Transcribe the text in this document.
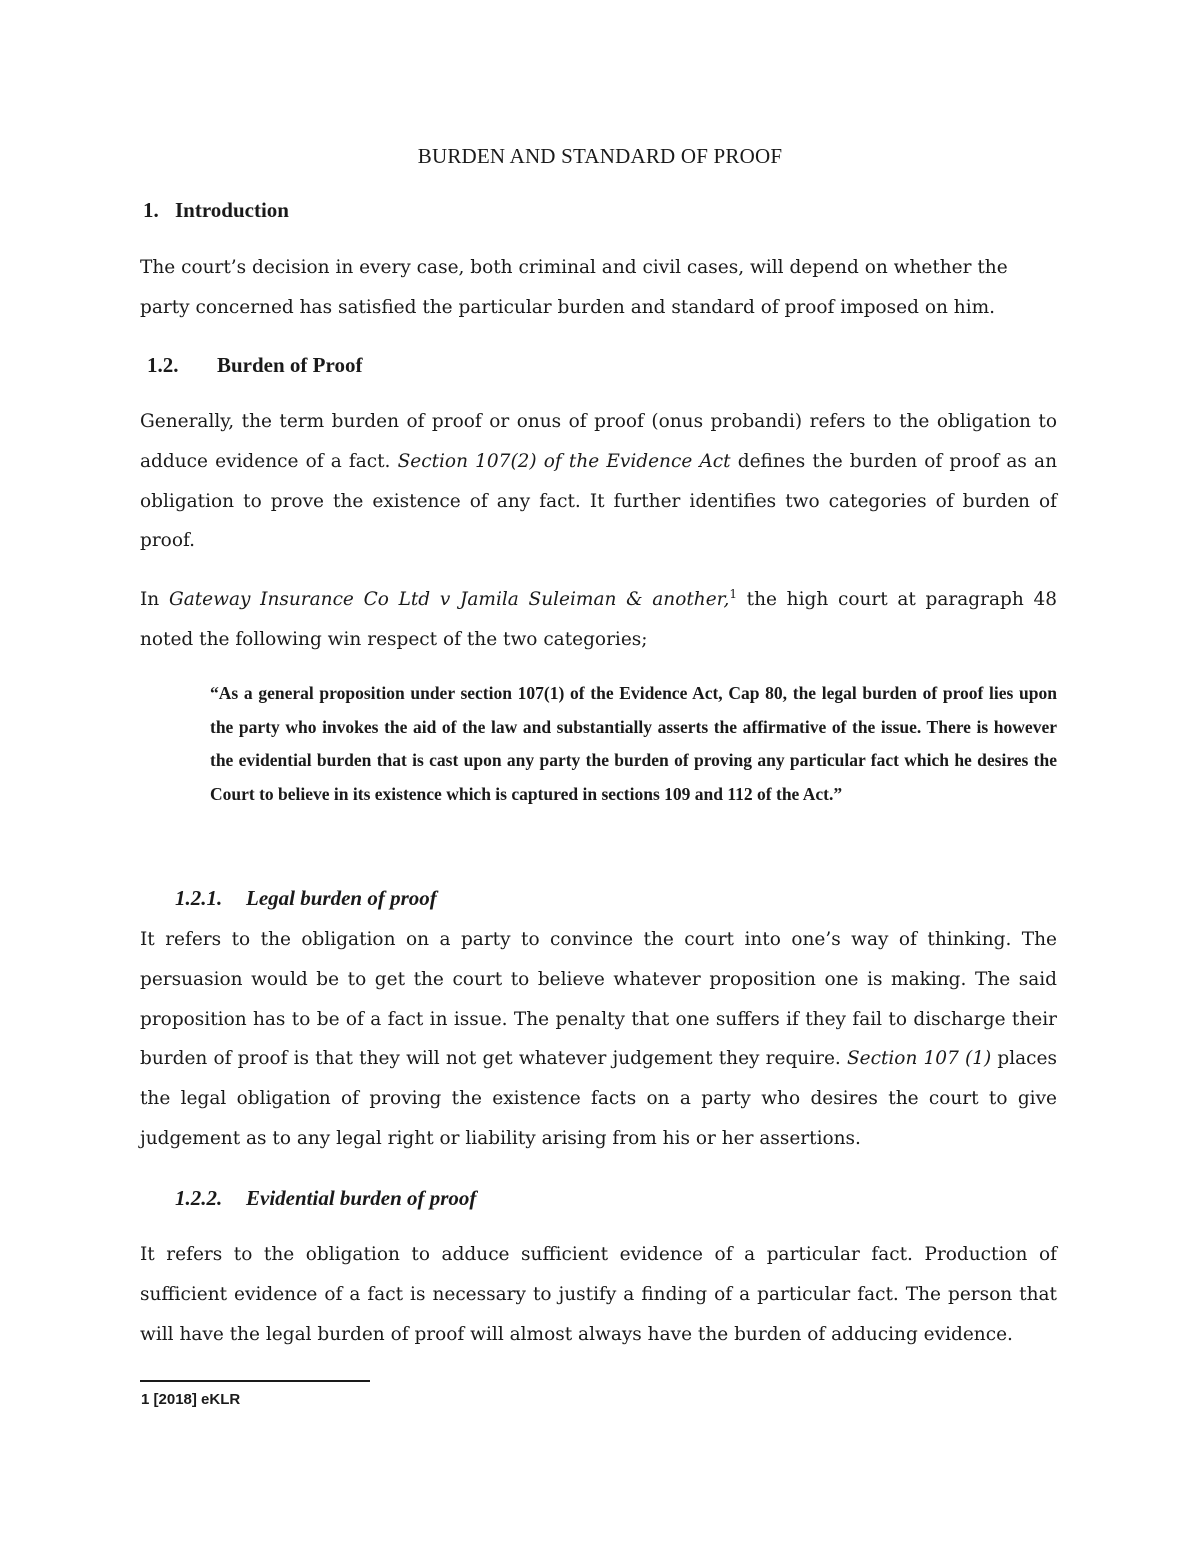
BURDEN AND STANDARD OF PROOF
1. Introduction

The court’s decision in every case, both criminal and civil cases, will depend on whether the
party concerned has satisfied the particular burden and standard of proof imposed on him.

1.2. Burden of Proof

Generally, the term burden of proof or onus of proof (onus probandi) refers to the obligation to adduce evidence of a fact. Section 107(2) of the Evidence Act defines the burden of proof as an obligation to prove the existence of any fact. It further identifies two categories of burden of proof.

In Gateway Insurance Co Ltd v Jamila Suleiman & another,$^1$ the high court at paragraph 48 noted the following win respect of the two categories;

“As a general proposition under section 107(1) of the Evidence Act, Cap 80, the legal burden of proof lies upon the party who invokes the aid of the law and substantially asserts the affirmative of the issue. There is however the evidential burden that is cast upon any party the burden of proving any particular fact which he desires the Court to believe in its existence which is captured in sections 109 and 112 of the Act.”

1.2.1. Legal burden of proof

It refers to the obligation on a party to convince the court into one’s way of thinking. The persuasion would be to get the court to believe whatever proposition one is making. The said proposition has to be of a fact in issue. The penalty that one suffers if they fail to discharge their burden of proof is that they will not get whatever judgement they require. Section 107 (1) places the legal obligation of proving the existence facts on a party who desires the court to give judgement as to any legal right or liability arising from his or her assertions.

1.2.2. Evidential burden of proof

It refers to the obligation to adduce sufficient evidence of a particular fact. Production of sufficient evidence of a fact is necessary to justify a finding of a particular fact. The person that will have the legal burden of proof will almost always have the burden of adducing evidence.

1 [2018] eKLR
